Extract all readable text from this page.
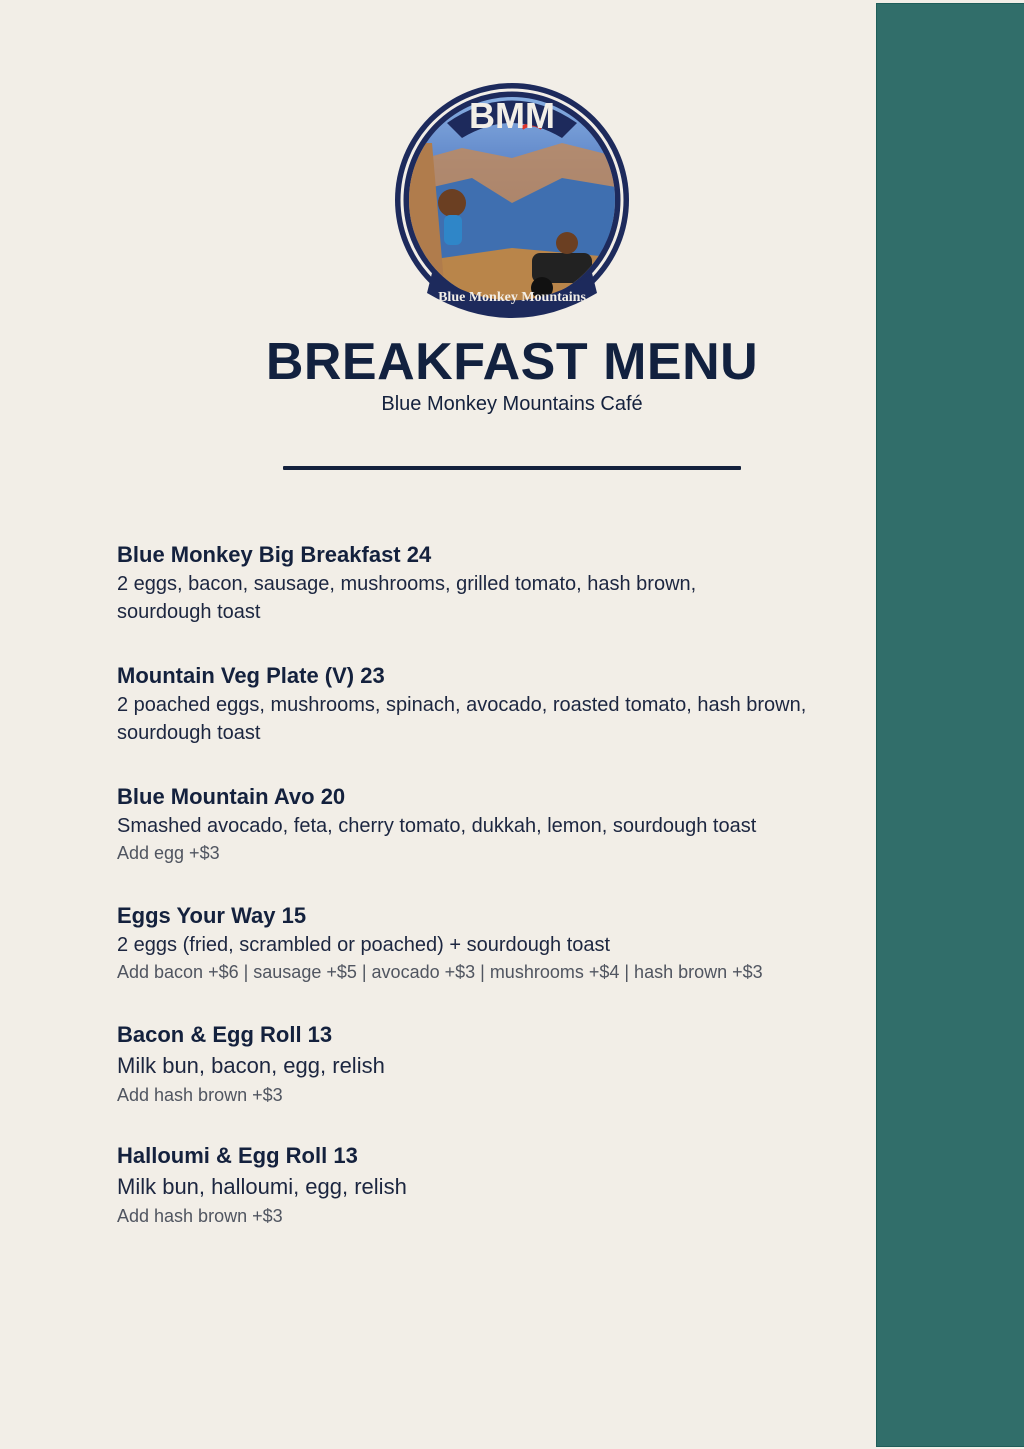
BMM
Blue Monkey Mountains
BREAKFAST MENU
Blue Monkey Mountains Café
Blue Monkey Big Breakfast 24
2 eggs, bacon, sausage, mushrooms, grilled tomato, hash brown, sourdough toast
Mountain Veg Plate (V) 23
2 poached eggs, mushrooms, spinach, avocado, roasted tomato, hash brown, sourdough toast
Blue Mountain Avo 20
Smashed avocado, feta, cherry tomato, dukkah, lemon, sourdough toast
Add egg +$3
Eggs Your Way 15
2 eggs (fried, scrambled or poached) + sourdough toast
Add bacon +$6 | sausage +$5 | avocado +$3 | mushrooms +$4 | hash brown +$3
Bacon & Egg Roll 13
Milk bun, bacon, egg, relish
Add hash brown +$3
Halloumi & Egg Roll 13
Milk bun, halloumi, egg, relish
Add hash brown +$3
